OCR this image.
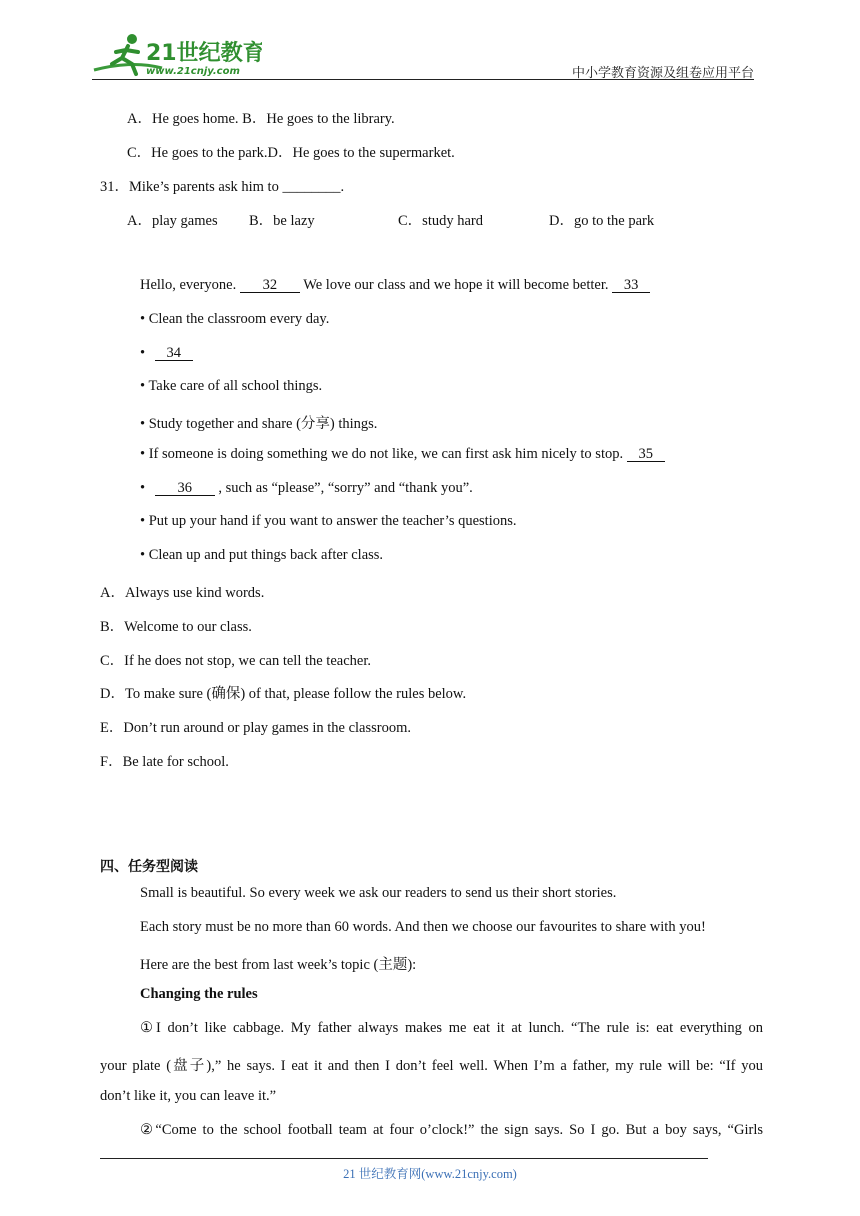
21世纪教育
www.21cnjy.com	中小学教育资源及组卷应用平台
A．He goes home. B．He goes to the library.
C．He goes to the park.D．He goes to the supermarket.
31．Mike’s parents ask him to ________.
A．play games B．be lazy	C．study hard	D．go to the park
Hello, everyone. 32 We love our class and we hope it will become better. 33
• Clean the classroom every day.
• 34
• Take care of all school things.
• Study together and share (分享) things.
• If someone is doing something we do not like, we can first ask him nicely to stop. 35
• 36 , such as “please”, “sorry” and “thank you”.
• Put up your hand if you want to answer the teacher’s questions.
• Clean up and put things back after class.
A．Always use kind words.
B．Welcome to our class.
C．If he does not stop, we can tell the teacher.
D．To make sure (确保) of that, please follow the rules below.
E．Don’t run around or play games in the classroom.
F．Be late for school.
四、任务型阅读
Small is beautiful. So every week we ask our readers to send us their short stories.
Each story must be no more than 60 words. And then we choose our favourites to share with you!
Here are the best from last week’s topic (主题):
Changing the rules
①I don’t like cabbage. My father always makes me eat it at lunch. “The rule is: eat everything on
your plate (盘子),” he says. I eat it and then I don’t feel well. When I’m a father, my rule will be: “If you
don’t like it, you can leave it.”
②“Come to the school football team at four o’clock!” the sign says. So I go. But a boy says, “Girls
21 世纪教育网(www.21cnjy.com)
